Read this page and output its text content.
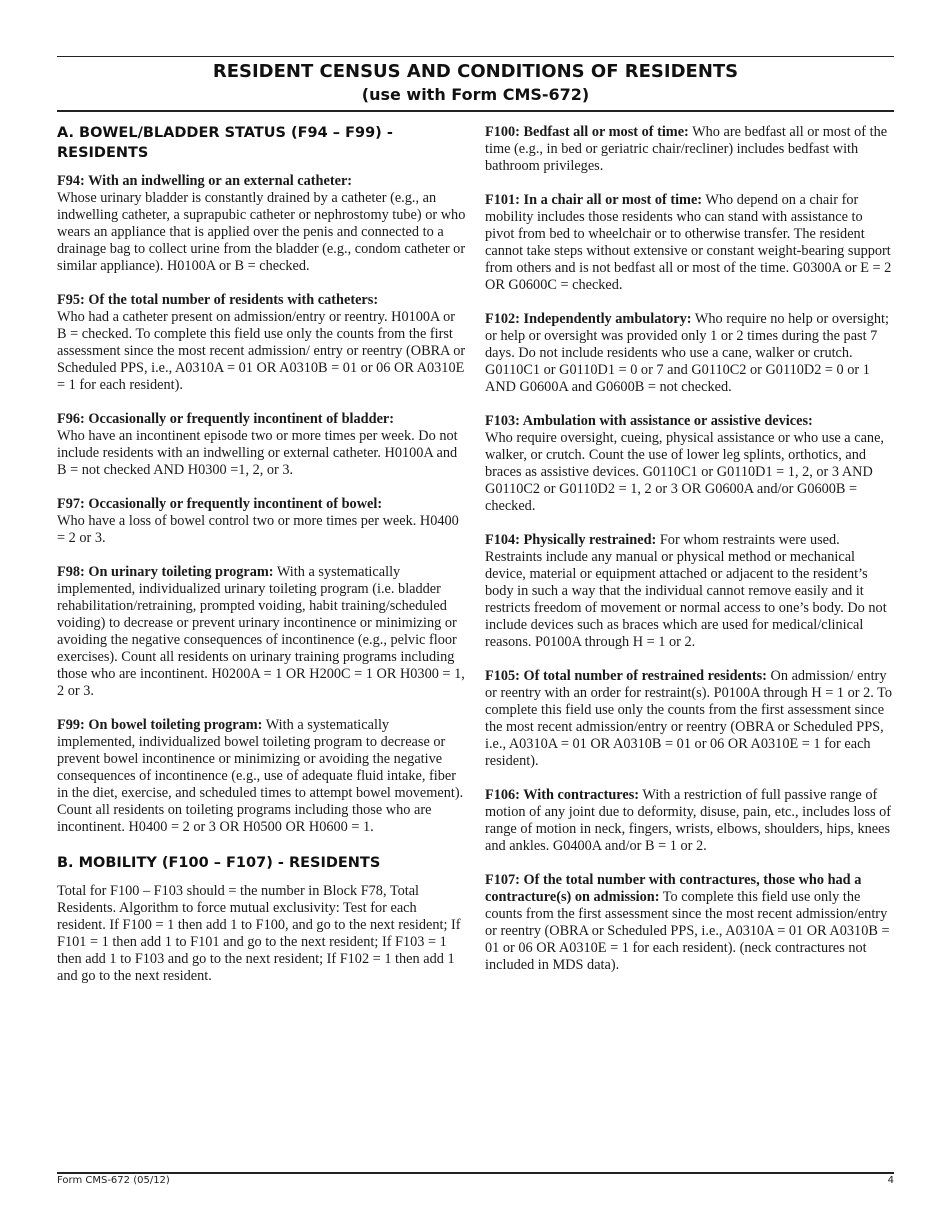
RESIDENT CENSUS AND CONDITIONS OF RESIDENTS
(use with Form CMS-672)
A. BOWEL/BLADDER STATUS (F94 – F99) - RESIDENTS
F94: With an indwelling or an external catheter:
Whose urinary bladder is constantly drained by a catheter (e.g., an indwelling catheter, a suprapubic catheter or nephrostomy tube) or who wears an appliance that is applied over the penis and connected to a drainage bag to collect urine from the bladder (e.g., condom catheter or similar appliance). H0100A or B = checked.
F95: Of the total number of residents with catheters:
Who had a catheter present on admission/entry or reentry. H0100A or B = checked. To complete this field use only the counts from the first assessment since the most recent admission/ entry or reentry (OBRA or Scheduled PPS, i.e., A0310A = 01 OR A0310B = 01 or 06 OR A0310E = 1 for each resident).
F96: Occasionally or frequently incontinent of bladder:
Who have an incontinent episode two or more times per week. Do not include residents with an indwelling or external catheter. H0100A and B = not checked AND H0300 =1, 2, or 3.
F97: Occasionally or frequently incontinent of bowel:
Who have a loss of bowel control two or more times per week. H0400 = 2 or 3.
F98: On urinary toileting program: With a systematically implemented, individualized urinary toileting program (i.e. bladder rehabilitation/retraining, prompted voiding, habit training/scheduled voiding) to decrease or prevent urinary incontinence or minimizing or avoiding the negative consequences of incontinence (e.g., pelvic floor exercises). Count all residents on urinary training programs including those who are incontinent. H0200A = 1 OR H200C = 1 OR H0300 = 1, 2 or 3.
F99: On bowel toileting program: With a systematically implemented, individualized bowel toileting program to decrease or prevent bowel incontinence or minimizing or avoiding the negative consequences of incontinence (e.g., use of adequate fluid intake, fiber in the diet, exercise, and scheduled times to attempt bowel movement). Count all residents on toileting programs including those who are incontinent. H0400 = 2 or 3 OR H0500 OR H0600 = 1.
B. MOBILITY (F100 – F107) - RESIDENTS
Total for F100 – F103 should = the number in Block F78, Total Residents. Algorithm to force mutual exclusivity: Test for each resident. If F100 = 1 then add 1 to F100, and go to the next resident; If F101 = 1 then add 1 to F101 and go to the next resident; If F103 = 1 then add 1 to F103 and go to the next resident; If F102 = 1 then add 1 and go to the next resident.
F100: Bedfast all or most of time: Who are bedfast all or most of the time (e.g., in bed or geriatric chair/recliner) includes bedfast with bathroom privileges.
F101: In a chair all or most of time: Who depend on a chair for mobility includes those residents who can stand with assistance to pivot from bed to wheelchair or to otherwise transfer. The resident cannot take steps without extensive or constant weight-bearing support from others and is not bedfast all or most of the time. G0300A or E = 2 OR G0600C = checked.
F102: Independently ambulatory: Who require no help or oversight; or help or oversight was provided only 1 or 2 times during the past 7 days. Do not include residents who use a cane, walker or crutch. G0110C1 or G0110D1 = 0 or 7 and G0110C2 or G0110D2 = 0 or 1 AND G0600A and G0600B = not checked.
F103: Ambulation with assistance or assistive devices:
Who require oversight, cueing, physical assistance or who use a cane, walker, or crutch. Count the use of lower leg splints, orthotics, and braces as assistive devices. G0110C1 or G0110D1 = 1, 2, or 3 AND G0110C2 or G0110D2 = 1, 2 or 3 OR G0600A and/or G0600B = checked.
F104: Physically restrained: For whom restraints were used. Restraints include any manual or physical method or mechanical device, material or equipment attached or adjacent to the resident’s body in such a way that the individual cannot remove easily and it restricts freedom of movement or normal access to one’s body. Do not include devices such as braces which are used for medical/clinical reasons. P0100A through H = 1 or 2.
F105: Of total number of restrained residents: On admission/ entry or reentry with an order for restraint(s). P0100A through H = 1 or 2. To complete this field use only the counts from the first assessment since the most recent admission/entry or reentry (OBRA or Scheduled PPS, i.e., A0310A = 01 OR A0310B = 01 or 06 OR A0310E = 1 for each resident).
F106: With contractures: With a restriction of full passive range of motion of any joint due to deformity, disuse, pain, etc., includes loss of range of motion in neck, fingers, wrists, elbows, shoulders, hips, knees and ankles. G0400A and/or B = 1 or 2.
F107: Of the total number with contractures, those who had a contracture(s) on admission: To complete this field use only the counts from the first assessment since the most recent admission/entry or reentry (OBRA or Scheduled PPS, i.e., A0310A = 01 OR A0310B = 01 or 06 OR A0310E = 1 for each resident). (neck contractures not included in MDS data).
Form CMS-672 (05/12)	4
